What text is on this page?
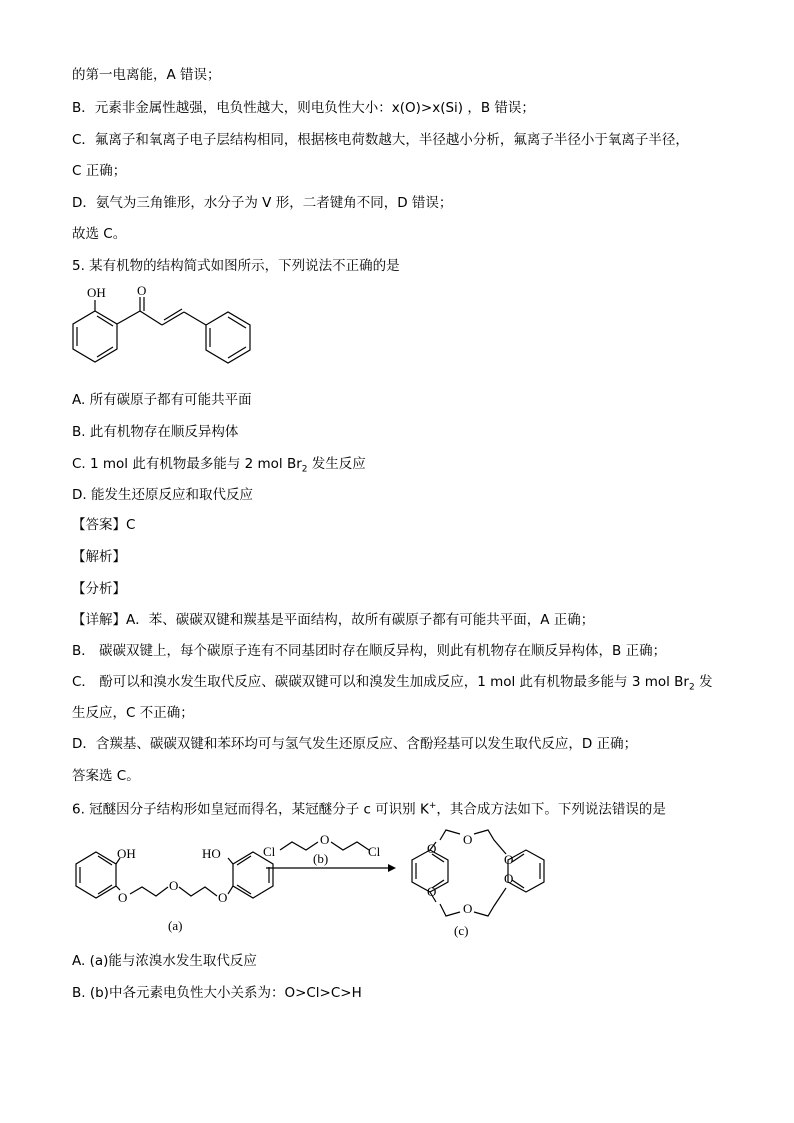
的第一电离能，A 错误；
B．元素非金属性越强，电负性越大，则电负性大小：x(O)>x(Si) ，B 错误；
C．氟离子和氧离子电子层结构相同，根据核电荷数越大，半径越小分析，氟离子半径小于氧离子半径，
C 正确；
D．氨气为三角锥形，水分子为 V 形，二者键角不同，D 错误；
故选 C。
5. 某有机物的结构简式如图所示，下列说法不正确的是
OH O
A. 所有碳原子都有可能共平面
B. 此有机物存在顺反异构体
C. 1 mol 此有机物最多能与 2 mol $Br_2$ 发生反应
D. 能发生还原反应和取代反应
【答案】C
【解析】
【分析】
【详解】A．苯、碳碳双键和羰基是平面结构，故所有碳原子都有可能共平面，A 正确；
B． 碳碳双键上，每个碳原子连有不同基团时存在顺反异构，则此有机物存在顺反异构体，B 正确；
C． 酚可以和溴水发生取代反应、碳碳双键可以和溴发生加成反应，1 mol 此有机物最多能与 3 mol $Br_2$ 发
生反应，C 不正确；
D．含羰基、碳碳双键和苯环均可与氢气发生还原反应、含酚羟基可以发生取代反应，D 正确；
答案选 C。
6. 冠醚因分子结构形如皇冠而得名，某冠醚分子 c 可识别 K+，其合成方法如下。下列说法错误的是
OH
O
O
O
HO
(a)
Cl
O
Cl
(b)
O
O
O
O
O
O
(c)
A. (a)能与浓溴水发生取代反应
B. (b)中各元素电负性大小关系为：O>Cl>C>H
